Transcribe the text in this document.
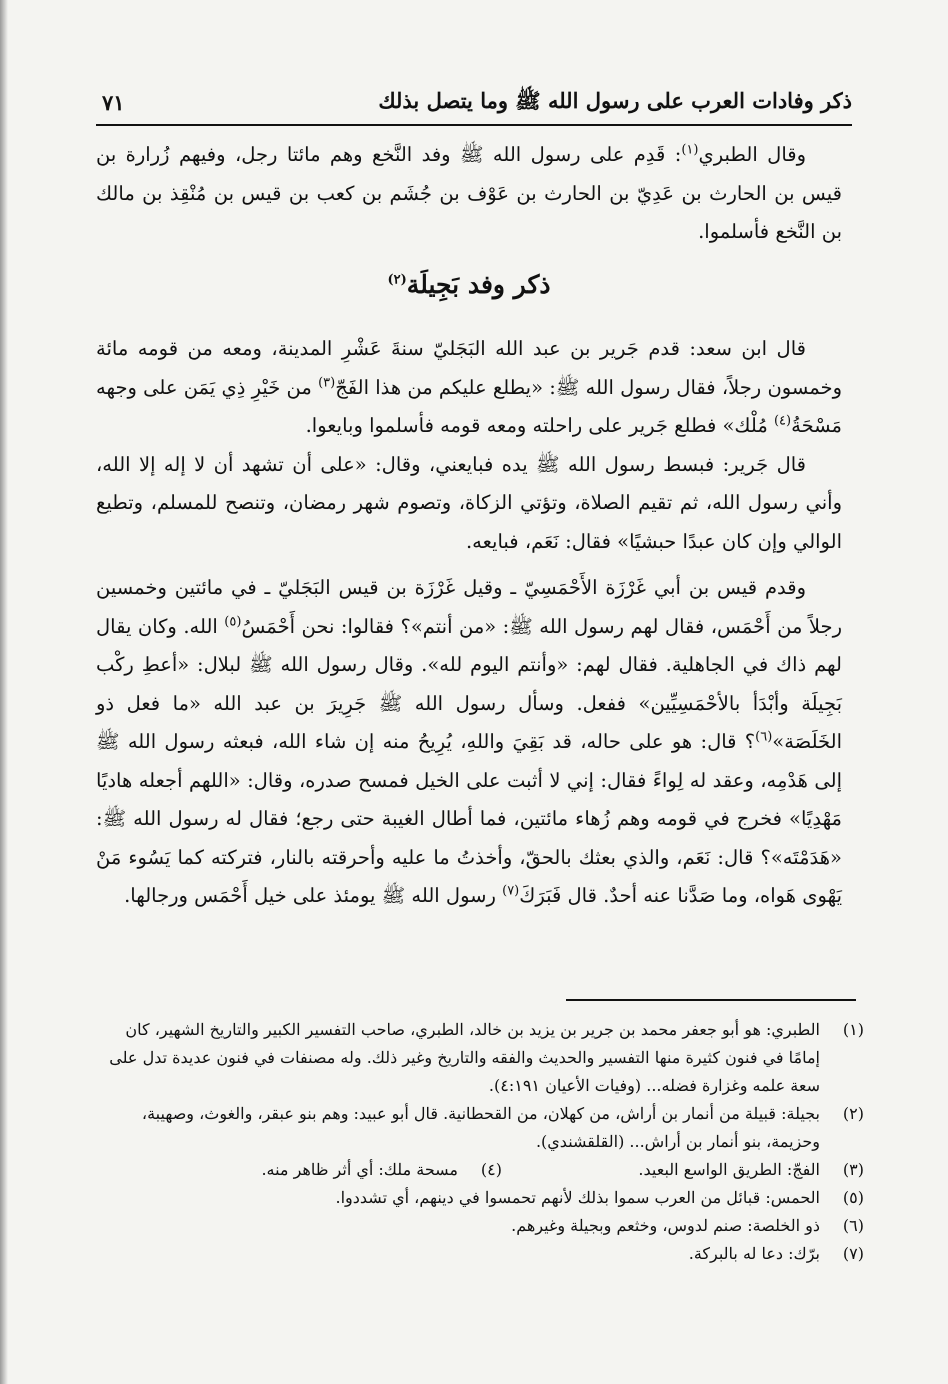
ذكر وفادات العرب على رسول الله ﷺ وما يتصل بذلك
٧١

وقال الطبري$^{(١)}$: قَدِم على رسول الله ﷺ وفد النَّخع وهم مائتا رجل، وفيهم زُرارة بن قيس بن الحارث بن عَدِيّ بن الحارث بن عَوْف بن جُشَم بن كعب بن قيس بن مُنْقِذ بن مالك بن النَّخع فأسلموا.

ذكر وفد بَجِيلَة$^{(٢)}$

قال ابن سعد: قدم جَرير بن عبد الله البَجَليّ سنةَ عَشْرِ المدينة، ومعه من قومه مائة وخمسون رجلاً، فقال رسول الله ﷺ: «يطلع عليكم من هذا الفَجّ$^{(٣)}$ من خَيْرِ ذِي يَمَن على وجهه مَسْحَةُ$^{(٤)}$ مُلْك» فطلع جَرير على راحلته ومعه قومه فأسلموا وبايعوا.

قال جَرير: فبسط رسول الله ﷺ يده فبايعني، وقال: «على أن تشهد أن لا إله إلا الله، وأني رسول الله، ثم تقيم الصلاة، وتؤتي الزكاة، وتصوم شهر رمضان، وتنصح للمسلم، وتطيع الوالي وإن كان عبدًا حبشيًا» فقال: نَعَم، فبايعه.

وقدم قيس بن أبي غَرْزَة الأَحْمَسِيّ ـ وقيل غَرْزَة بن قيس البَجَليّ ـ في مائتين وخمسين رجلاً من أَحْمَس، فقال لهم رسول الله ﷺ: «من أنتم»؟ فقالوا: نحن أَحْمَسُ$^{(٥)}$ الله. وكان يقال لهم ذاك في الجاهلية. فقال لهم: «وأنتم اليوم لله». وقال رسول الله ﷺ لبلال: «أعطِ ركْب بَجِيلَة وأبْدَأ بالأحْمَسِيِّين» ففعل. وسأل رسول الله ﷺ جَرِيرَ بن عبد الله «ما فعل ذو الخَلَصَة»$^{(٦)}$؟ قال: هو على حاله، قد بَقِيَ واللهِ، يُرِيحُ منه إن شاء الله، فبعثه رسول الله ﷺ إلى هَدْمِه، وعقد له لِواءً فقال: إني لا أثبت على الخيل فمسح صدره، وقال: «اللهم أجعله هاديًا مَهْدِيًا» فخرج في قومه وهم زُهاء مائتين، فما أطال الغيبة حتى رجع؛ فقال له رسول الله ﷺ: «هَدَمْتَه»؟ قال: نَعَم، والذي بعثك بالحقّ، وأخذتُ ما عليه وأحرقته بالنار، فتركته كما يَسُوء مَنْ يَهْوى هَواه، وما صَدَّنا عنه أحدٌ. قال فَبَرَكَ$^{(٧)}$ رسول الله ﷺ يومئذ على خيل أَحْمَس ورجالها.

(١)
الطبري: هو أبو جعفر محمد بن جرير بن يزيد بن خالد، الطبري، صاحب التفسير الكبير والتاريخ الشهير، كان إمامًا في فنون كثيرة منها التفسير والحديث والفقه والتاريخ وغير ذلك. وله مصنفات في فنون عديدة تدل على سعة علمه وغزارة فضله... (وفيات الأعيان ٤:١٩١).
(٢)
بجيلة: قبيلة من أنمار بن أراش، من كهلان، من القحطانية. قال أبو عبيد: وهم بنو عبقر، والغوث، وصهيبة، وحزيمة، بنو أنمار بن أراش... (القلقشندي).
(٣)
الفجّ: الطريق الواسع البعيد.
(٤)
مسحة ملك: أي أثر ظاهر منه.
(٥)
الحمس: قبائل من العرب سموا بذلك لأنهم تحمسوا في دينهم، أي تشددوا.
(٦)
ذو الخلصة: صنم لدوس، وخثعم وبجيلة وغيرهم.
(٧)
برّك: دعا له بالبركة.
